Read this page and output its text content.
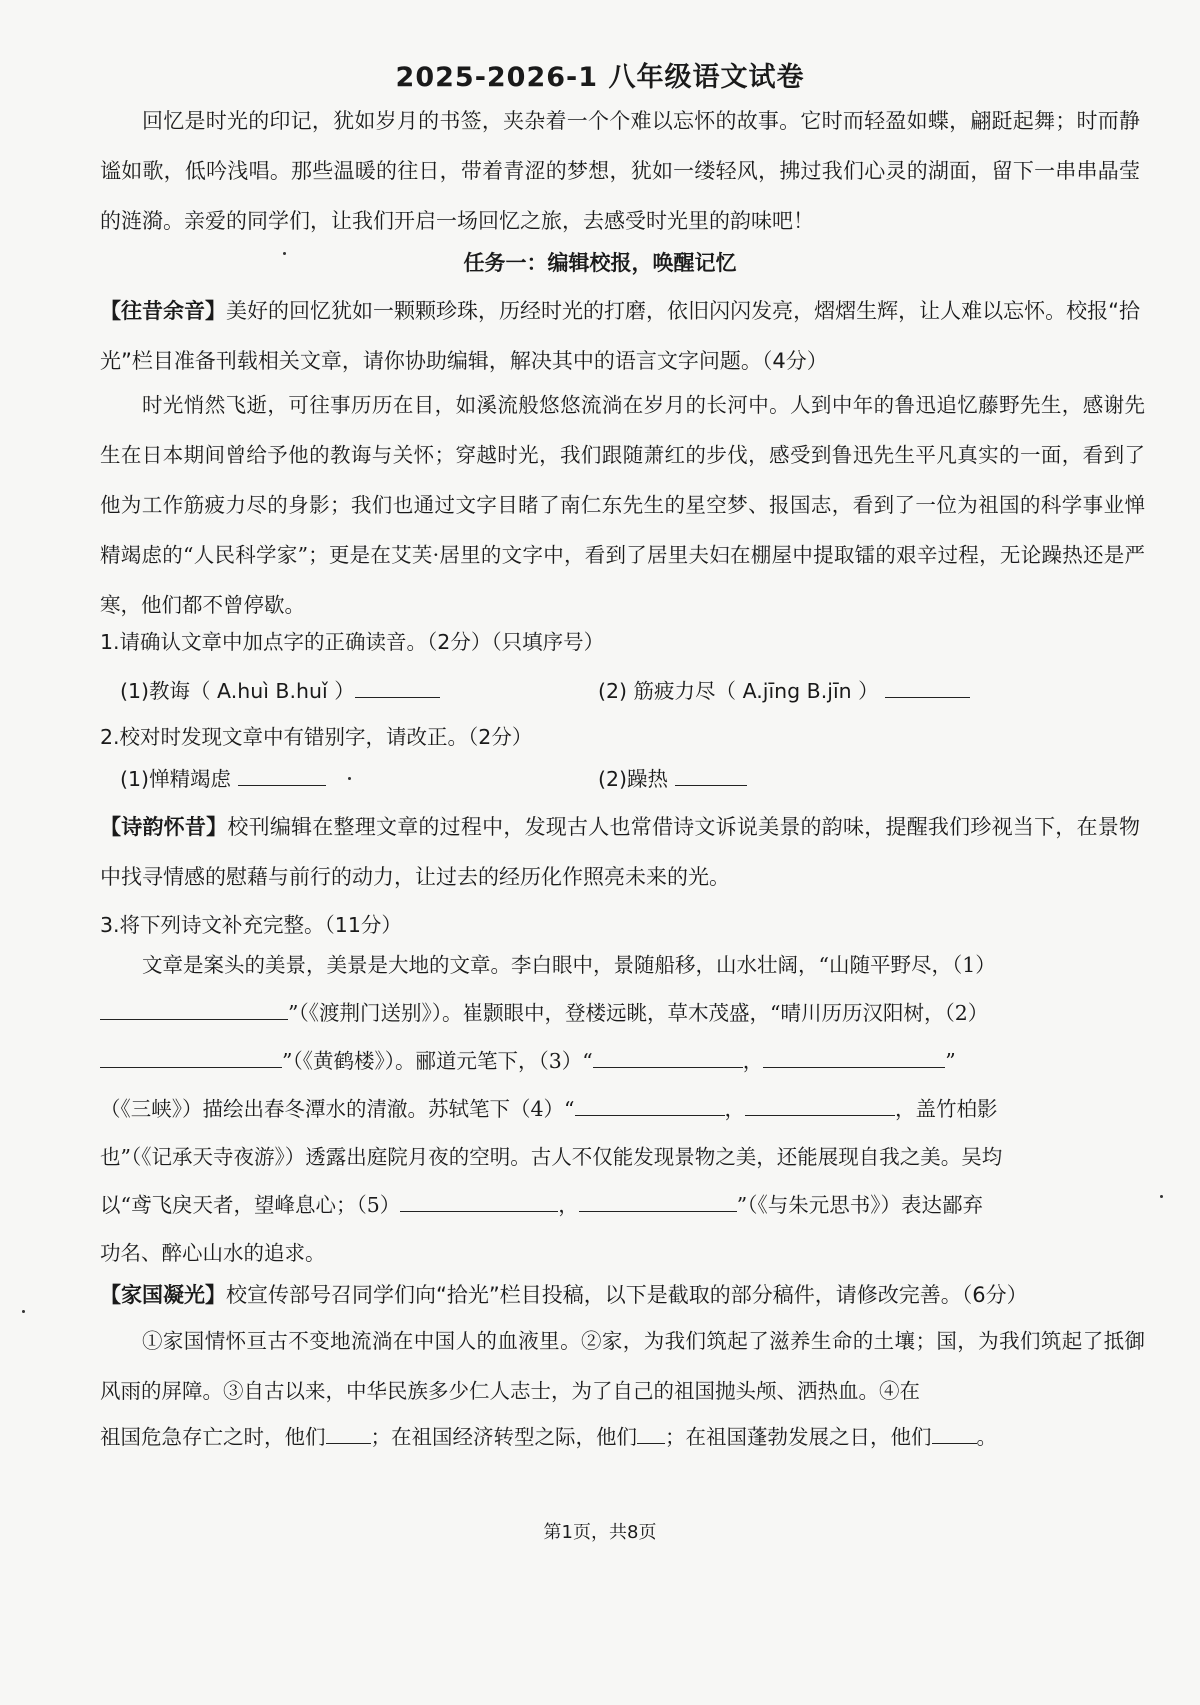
2025-2026-1 八年级语文试卷
回忆是时光的印记，犹如岁月的书签，夹杂着一个个难以忘怀的故事。它时而轻盈如蝶，翩跹起舞；时而静谧如歌，低吟浅唱。那些温暖的往日，带着青涩的梦想，犹如一缕轻风，拂过我们心灵的湖面，留下一串串晶莹的涟漪。亲爱的同学们，让我们开启一场回忆之旅，去感受时光里的韵味吧！
任务一：编辑校报，唤醒记忆
【往昔余音】美好的回忆犹如一颗颗珍珠，历经时光的打磨，依旧闪闪发亮，熠熠生辉，让人难以忘怀。校报“拾光”栏目准备刊载相关文章，请你协助编辑，解决其中的语言文字问题。（4分）
时光悄然飞逝，可往事历历在目，如溪流般悠悠流淌在岁月的长河中。人到中年的鲁迅追忆藤野先生，感谢先生在日本期间曾给予他的教诲与关怀；穿越时光，我们跟随萧红的步伐，感受到鲁迅先生平凡真实的一面，看到了他为工作筋疲力尽的身影；我们也通过文字目睹了南仁东先生的星空梦、报国志，看到了一位为祖国的科学事业惮精竭虑的“人民科学家”；更是在艾芙·居里的文字中，看到了居里夫妇在棚屋中提取镭的艰辛过程，无论躁热还是严寒，他们都不曾停歇。
1.请确认文章中加点字的正确读音。（2分）（只填序号）
(1)教诲（ A.huì B.huǐ ）	(2) 筋疲力尽（ A.jīng B.jīn ）
2.校对时发现文章中有错别字，请改正。（2分）
(1)惮精竭虑	(2)躁热
【诗韵怀昔】校刊编辑在整理文章的过程中，发现古人也常借诗文诉说美景的韵味，提醒我们珍视当下，在景物中找寻情感的慰藉与前行的动力，让过去的经历化作照亮未来的光。
3.将下列诗文补充完整。（11分）
文章是案头的美景，美景是大地的文章。李白眼中，景随船移，山水壮阔，“山随平野尽，（1）
”（《渡荆门送别》）。崔颢眼中，登楼远眺，草木茂盛，“晴川历历汉阳树，（2）
”（《黄鹤楼》）。郦道元笔下，（3）“	，	”
（《三峡》）描绘出春冬潭水的清澈。苏轼笔下（4）“	，	，盖竹柏影
也”（《记承天寺夜游》）透露出庭院月夜的空明。古人不仅能发现景物之美，还能展现自我之美。吴均
以“鸢飞戾天者，望峰息心；（5）	，	”（《与朱元思书》）表达鄙弃
功名、醉心山水的追求。
【家国凝光】校宣传部号召同学们向“拾光”栏目投稿，以下是截取的部分稿件，请修改完善。（6分）
①家国情怀亘古不变地流淌在中国人的血液里。②家，为我们筑起了滋养生命的土壤；国，为我们筑起了抵御风雨的屏障。③自古以来，中华民族多少仁人志士，为了自己的祖国抛头颅、洒热血。④在
祖国危急存亡之时，他们 ；在祖国经济转型之际，他们 ；在祖国蓬勃发展之日，他们 。
第1页，共8页
